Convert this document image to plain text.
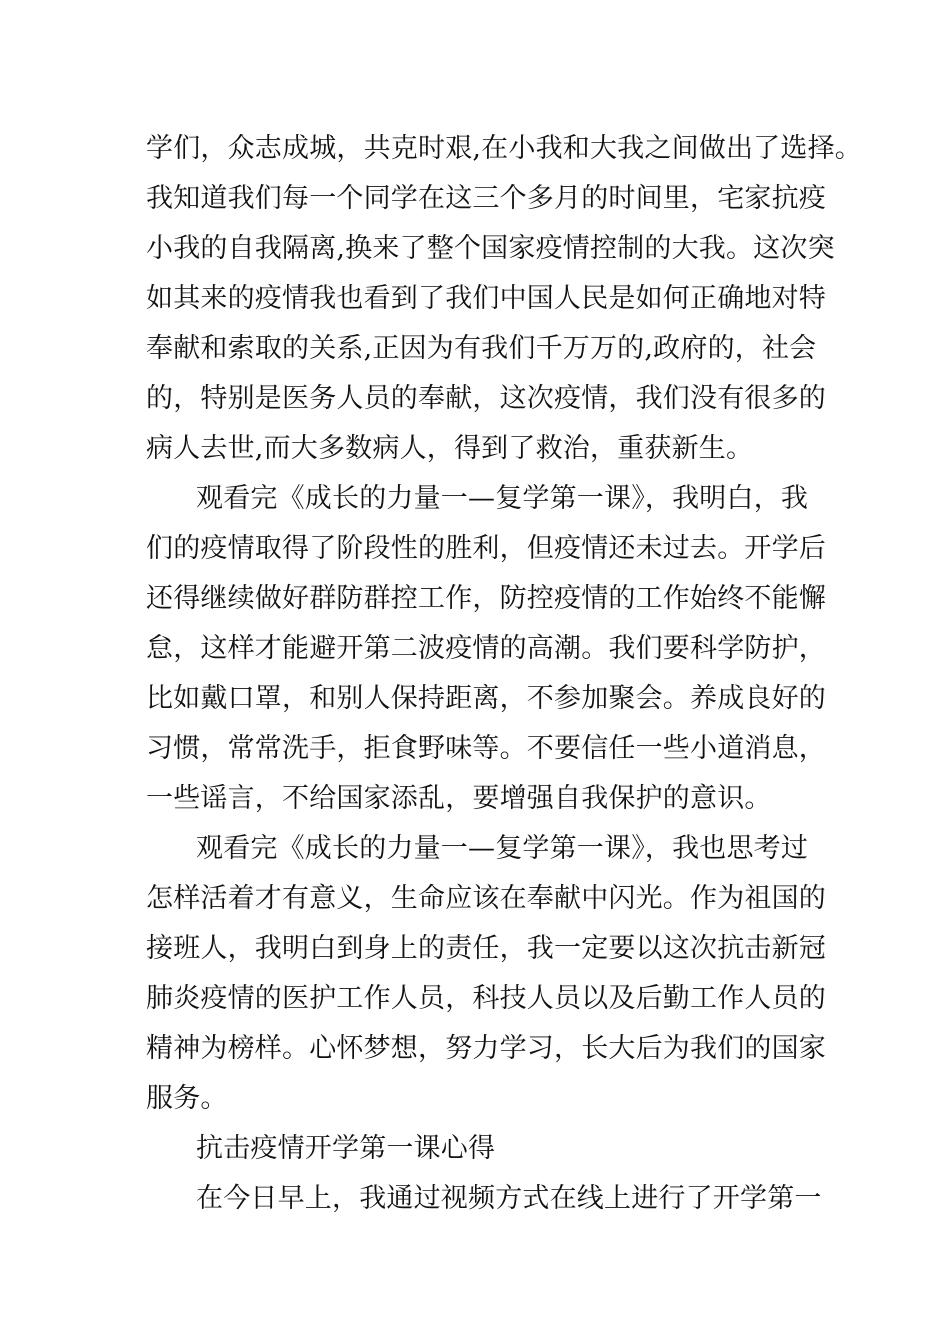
学们，众志成城，共克时艰,在小我和大我之间做出了选择。
我知道我们每一个同学在这三个多月的时间里，宅家抗疫
小我的自我隔离,换来了整个国家疫情控制的大我。这次突
如其来的疫情我也看到了我们中国人民是如何正确地对特
奉献和索取的关系,正因为有我们千万万的,政府的，社会
的，特别是医务人员的奉献，这次疫情，我们没有很多的
病人去世,而大多数病人，得到了救治，重获新生。
观看完《成长的力量一—复学第一课》，我明白，我
们的疫情取得了阶段性的胜利，但疫情还未过去。开学后
还得继续做好群防群控工作，防控疫情的工作始终不能懈
怠，这样才能避开第二波疫情的高潮。我们要科学防护，
比如戴口罩，和别人保持距离，不参加聚会。养成良好的
习惯，常常洗手，拒食野味等。不要信任一些小道消息，
一些谣言，不给国家添乱，要增强自我保护的意识。
观看完《成长的力量一—复学第一课》，我也思考过
怎样活着才有意义，生命应该在奉献中闪光。作为祖国的
接班人，我明白到身上的责任，我一定要以这次抗击新冠
肺炎疫情的医护工作人员，科技人员以及后勤工作人员的
精神为榜样。心怀梦想，努力学习，长大后为我们的国家
服务。
抗击疫情开学第一课心得
在今日早上，我通过视频方式在线上进行了开学第一
